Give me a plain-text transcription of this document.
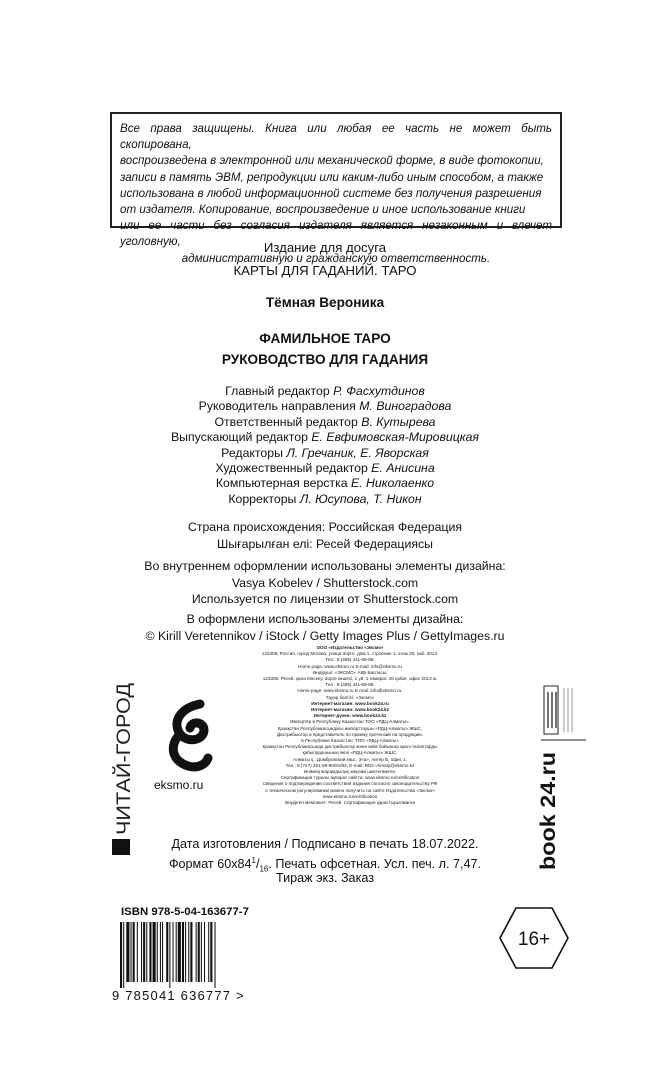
Все права защищены. Книга или любая ее часть не может быть скопирована,

воспроизведена в электронной или механической форме, в виде фотокопии,

записи в память ЭВМ, репродукции или каким-либо иным способом, а также

использована в любой информационной системе без получения разрешения

от издателя. Копирование, воспроизведение и иное использование книги

или ее части без согласия издателя является незаконным и влечет уголовную,

административную и гражданскую ответственность.

Издание для досуга
КАРТЫ ДЛЯ ГАДАНИЙ. ТАРО
Тёмная Вероника
ФАМИЛЬНОЕ ТАРО
РУКОВОДСТВО ДЛЯ ГАДАНИЯ
Главный редактор Р. Фасхутдинов
Руководитель направления М. Виноградова
Ответственный редактор В. Кутырева
Выпускающий редактор Е. Евфимовская-Мировицкая
Редакторы Л. Гречаник, Е. Яворская
Художественный редактор Е. Анисина
Компьютерная верстка Е. Николаенко
Корректоры Л. Юсупова, Т. Никон
Страна происхождения: Российская Федерация
Шығарылған елі: Ресей Федерациясы
Во внутреннем оформлении использованы элементы дизайна:
Vasya Kobelev / Shutterstock.com
Используется по лицензии от Shutterstock.com
В оформлени использованы элементы дизайна:
© Kirill Veretennikov / iStock / Getty Images Plus / GettyImages.ru
ООО «Издательство «Эксмо»
123308, Россия, город Москва, улица Зорге, дом 1, строение 1, этаж 20, каб. 2013.
Тел.: 8 (495) 411-68-86.
Home page: www.eksmo.ru E-mail: info@eksmo.ru
Өндіруші: «ЭКСМО» АҚБ Баспасы,
123308, Ресей, қала Мәскеу, Зорге көшесі, 1 үй, 1 ғимарат, 20 қабат, офис 2013 ж.
Тел.: 8 (495) 411-68-86.
Home page: www.eksmo.ru E-mail: info@eksmo.ru.
Тауар белгісі: «Эксмо»
Интернет-магазин: www.book24.ru
Интернет-магазин: www.book24.kz
Интернет-дүкен: www.book24.kz
Импортёр в Республику Казахстан ТОО «РДЦ-Алматы».
Қазақстан Республикасындағы импорттаушы «РДЦ-Алматы» ЖШС.
Дистрибьютор и представитель по приему претензий на продукцию,
в Республике Казахстан: ТОО «РДЦ-Алматы»
Қазақстан Республикасында дистрибьютор және өнім бойынша арыз-талаптарды
қабылдаушының өкілі «РДЦ-Алматы» ЖШС,
Алматы қ., Домбровский көш., 3«а», литер Б, офис 1.
Тел.: 8 (727) 251-59-90/91/92; E-mail: RDC-Almaty@eksmo.kz
Өнімнің жарамдылық мерзімі шектелмеген.
Сертификация туралы ақпарат сайтта: www.eksmo.ru/certification
Сведения о подтверждении соответствия издания согласно законодательству РФ
о техническом регулировании можно получить на сайте Издательства «Эксмо»
www.eksmo.ru/certification
Өндірген мемлекет: Ресей. Сертификация қарастырылмаған
eksmo.ru
ЧИТАЙ-ГОРОД	book 24.ru
Дата изготовления / Подписано в печать 18.07.2022.
Формат $60x84^1/_{16}$. Печать офсетная. Усл. печ. л. 7,47.
Тираж экз. Заказ
ISBN 978-5-04-163677-7
9 785041 636777 >
16+
